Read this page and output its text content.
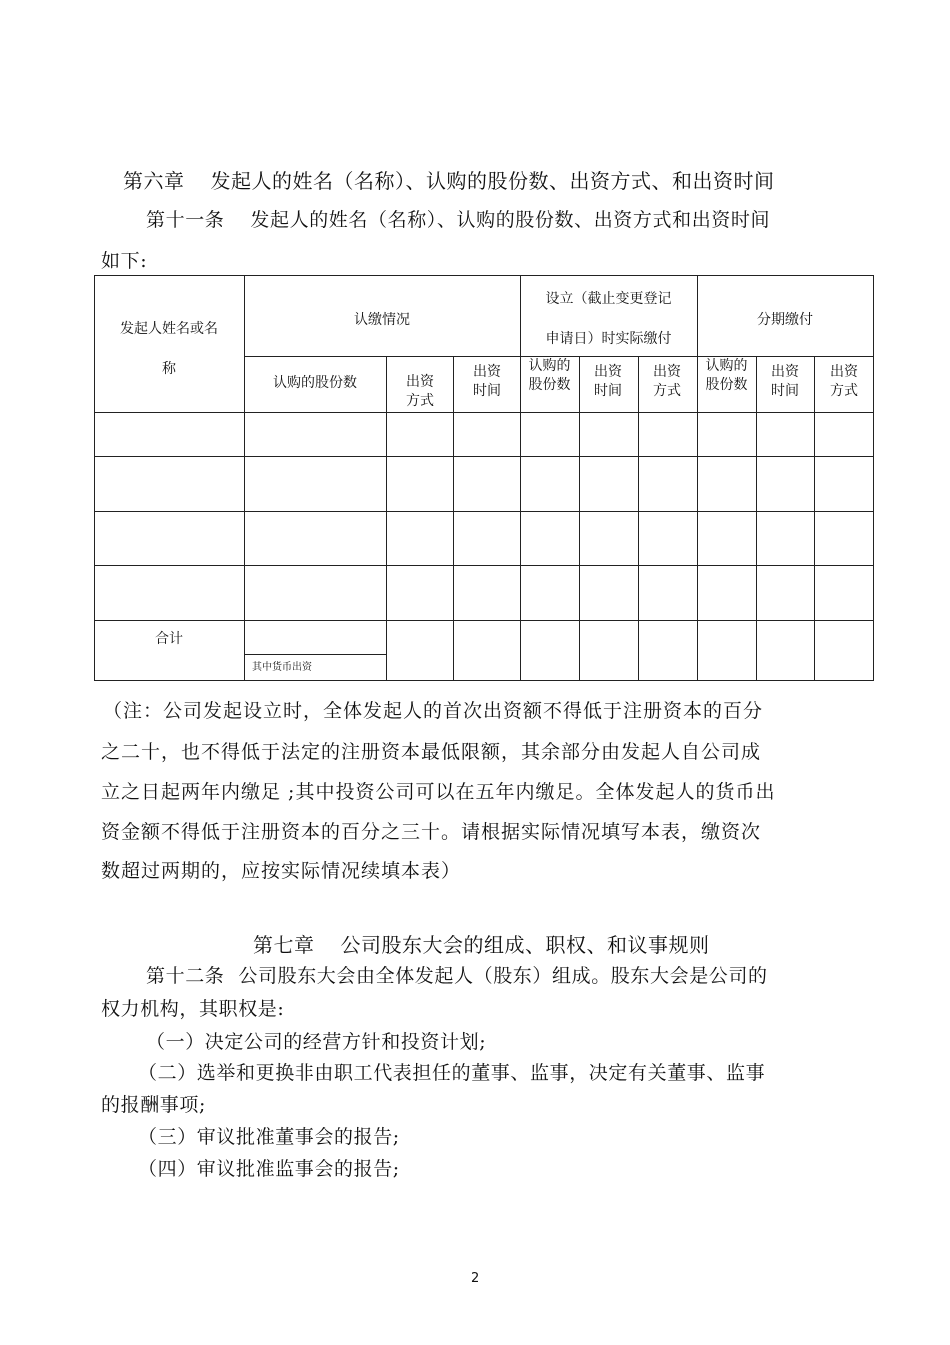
第六章 发起人的姓名（名称）、认购的股份数、出资方式、和出资时间
第十一条 发起人的姓名（名称）、认购的股份数、出资方式和出资时间
如下:
发起人姓名或名
称
认缴情况
设立（截止变更登记
申请日）时实际缴付
分期缴付
认购的股份数	出资方式
出资时间
认购的股份数
出资时间
出资方式
认购的股份数
出资时间
出资方式
合计
其中货币出资
（注：公司发起设立时，全体发起人的首次出资额不得低于注册资本的百分
之二十，也不得低于法定的注册资本最低限额，其余部分由发起人自公司成
立之日起两年内缴足 ;其中投资公司可以在五年内缴足。全体发起人的货币出
资金额不得低于注册资本的百分之三十。请根据实际情况填写本表，缴资次
数超过两期的，应按实际情况续填本表）
第七章 公司股东大会的组成、职权、和议事规则
第十二条 公司股东大会由全体发起人（股东）组成。股东大会是公司的
权力机构，其职权是:
（一）决定公司的经营方针和投资计划;
（二）选举和更换非由职工代表担任的董事、监事，决定有关董事、监事
的报酬事项;
（三）审议批准董事会的报告;
（四）审议批准监事会的报告;
2
